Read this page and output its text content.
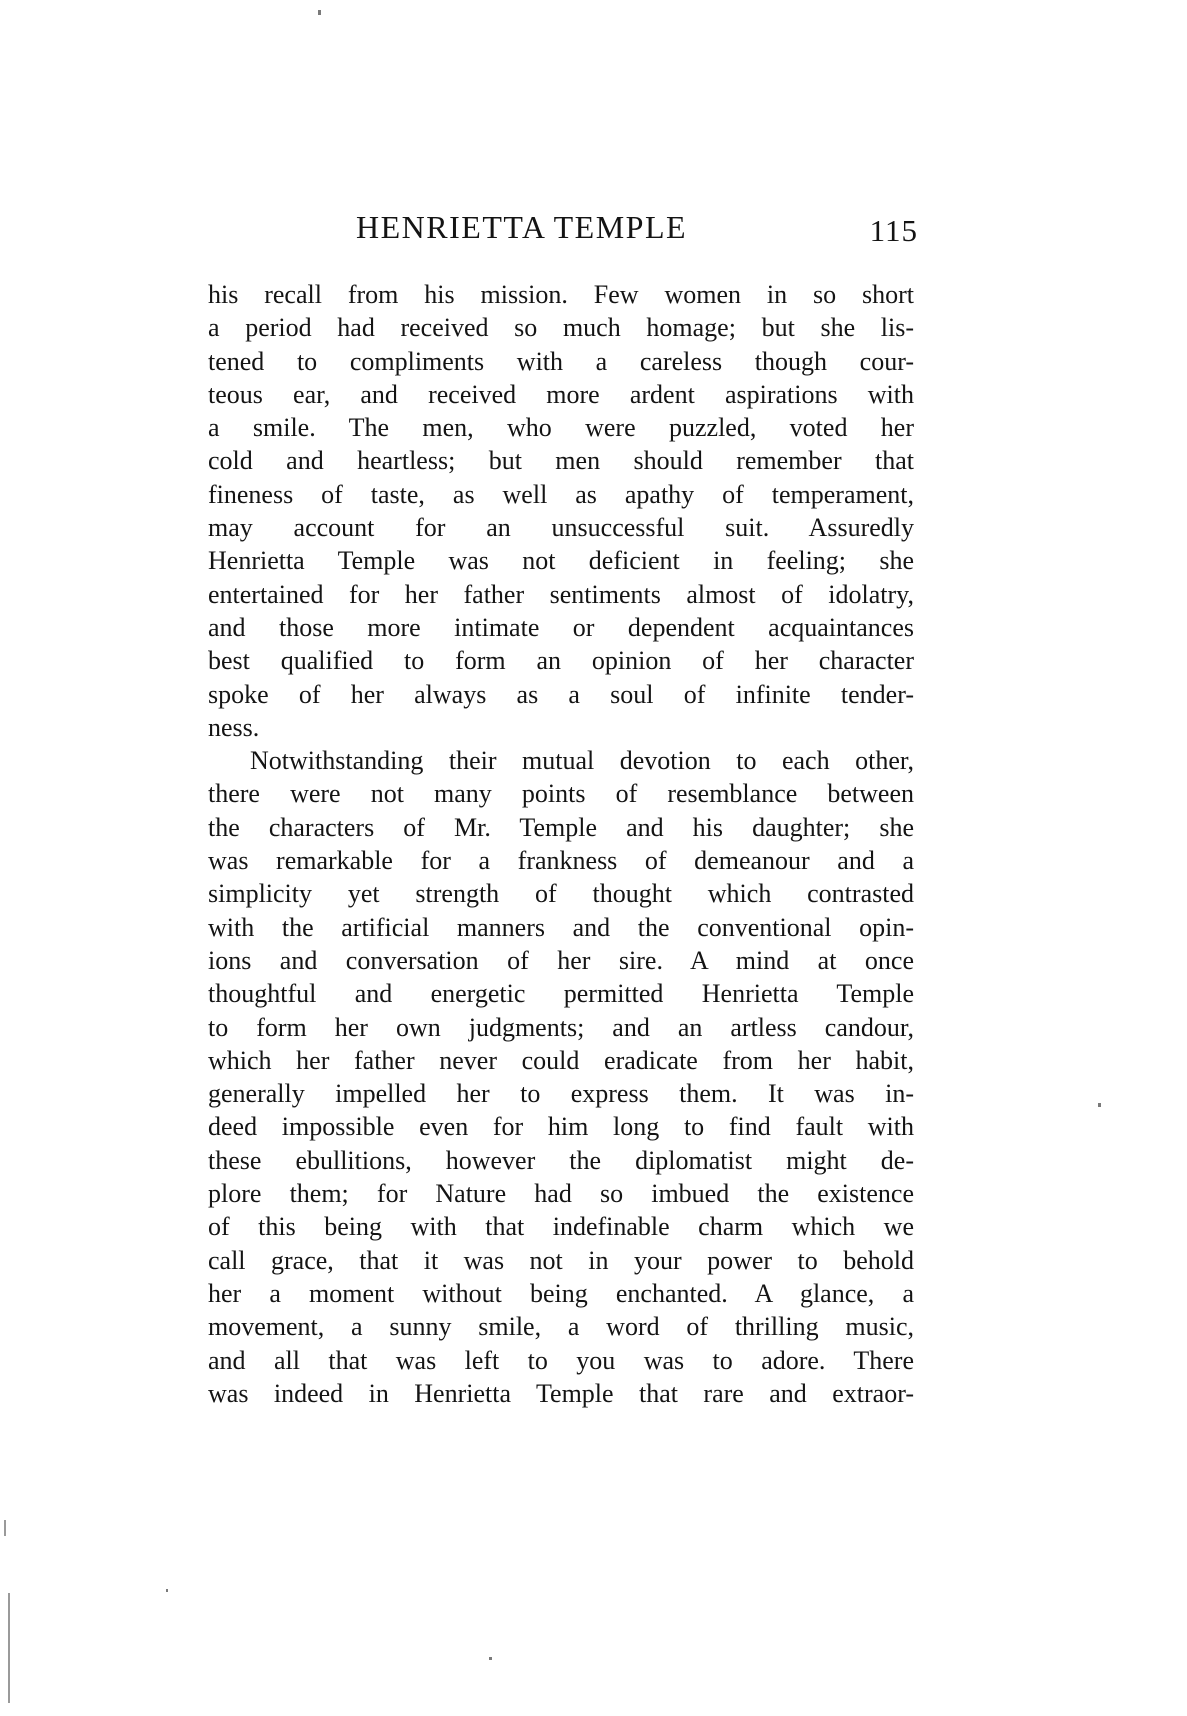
HENRIETTA TEMPLE	115
his recall from his mission. Few women in so short
a period had received so much homage; but she lis-
tened to compliments with a careless though cour-
teous ear, and received more ardent aspirations with
a smile. The men, who were puzzled, voted her
cold and heartless; but men should remember that
fineness of taste, as well as apathy of temperament,
may account for an unsuccessful suit. Assuredly
Henrietta Temple was not deficient in feeling; she
entertained for her father sentiments almost of idolatry,
and those more intimate or dependent acquaintances
best qualified to form an opinion of her character
spoke of her always as a soul of infinite tender-
ness.
Notwithstanding their mutual devotion to each other,
there were not many points of resemblance between
the characters of Mr. Temple and his daughter; she
was remarkable for a frankness of demeanour and a
simplicity yet strength of thought which contrasted
with the artificial manners and the conventional opin-
ions and conversation of her sire. A mind at once
thoughtful and energetic permitted Henrietta Temple
to form her own judgments; and an artless candour,
which her father never could eradicate from her habit,
generally impelled her to express them. It was in-
deed impossible even for him long to find fault with
these ebullitions, however the diplomatist might de-
plore them; for Nature had so imbued the existence
of this being with that indefinable charm which we
call grace, that it was not in your power to behold
her a moment without being enchanted. A glance, a
movement, a sunny smile, a word of thrilling music,
and all that was left to you was to adore. There
was indeed in Henrietta Temple that rare and extraor-
